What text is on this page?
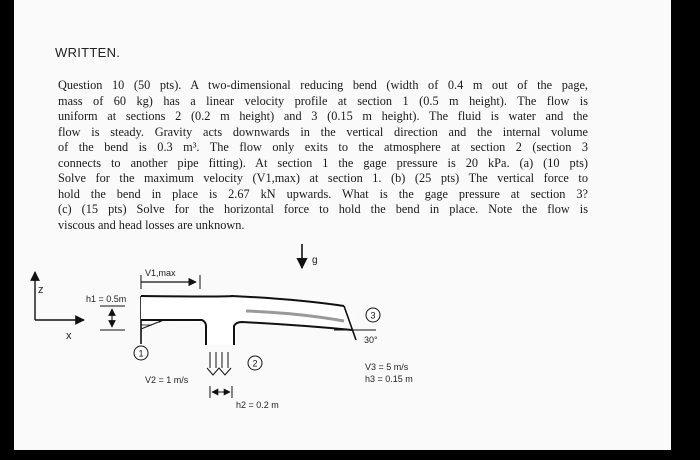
WRITTEN.
Question 10 (50 pts). A two-dimensional reducing bend (width of 0.4 m out of the page,
mass of 60 kg) has a linear velocity profile at section 1 (0.5 m height). The flow is
uniform at sections 2 (0.2 m height) and 3 (0.15 m height). The fluid is water and the
flow is steady. Gravity acts downwards in the vertical direction and the internal volume
of the bend is 0.3 m³. The flow only exits to the atmosphere at section 2 (section 3
connects to another pipe fitting). At section 1 the gage pressure is 20 kPa. (a) (10 pts)
Solve for the maximum velocity (V1,max) at section 1. (b) (25 pts) The vertical force to
hold the bend in place is 2.67 kN upwards. What is the gage pressure at section 3?
(c) (15 pts) Solve for the horizontal force to hold the bend in place. Note the flow is
viscous and head losses are unknown.
g
z
x
V1,max
h1 = 0.5m
30°
1
2
3
V2 = 1 m/s
h2 = 0.2 m
V3 = 5 m/s
h3 = 0.15 m
